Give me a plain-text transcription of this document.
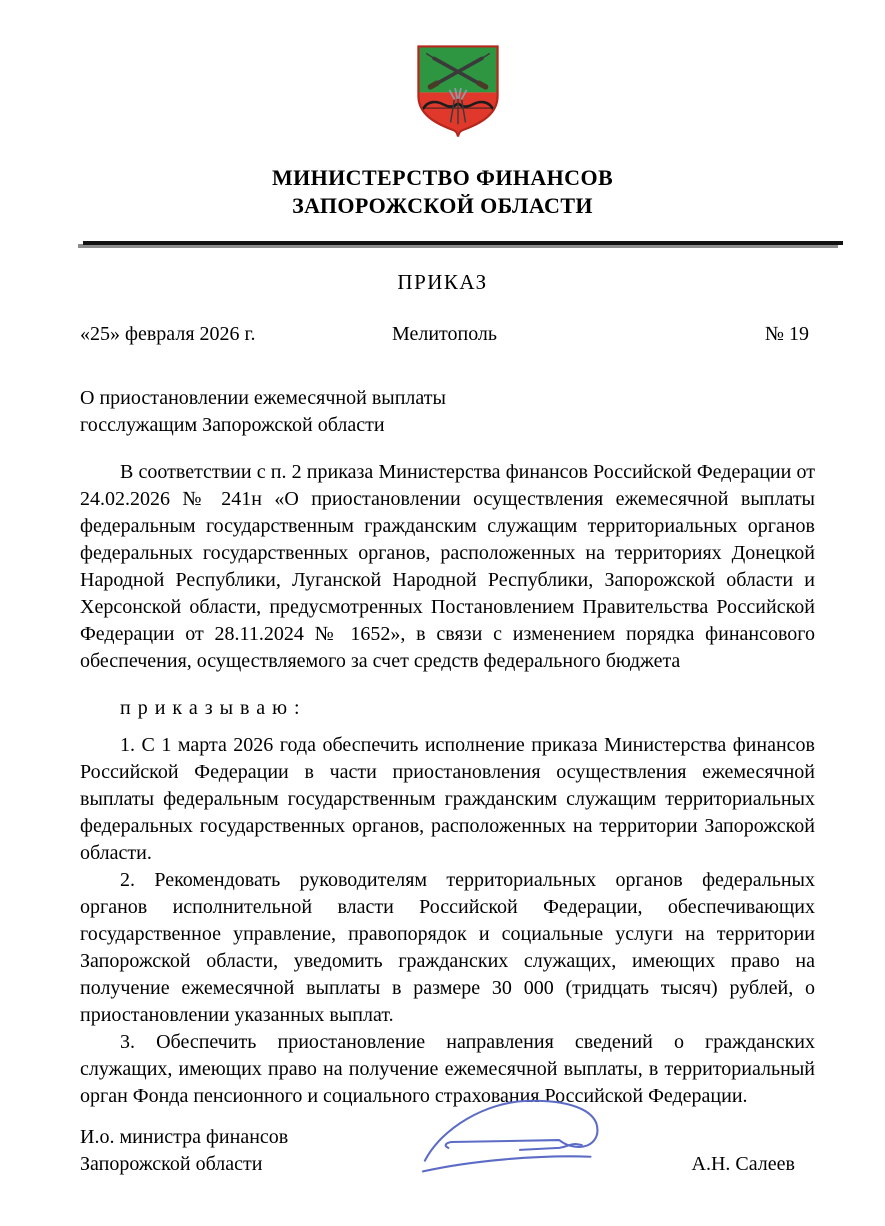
МИНИСТЕРСТВО ФИНАНСОВ
ЗАПОРОЖСКОЙ ОБЛАСТИ
ПРИКАЗ
«25» февраля 2026 г.	Мелитополь	№ 19
О приостановлении ежемесячной выплаты
госслужащим Запорожской области

В соответствии с п. 2 приказа Министерства финансов Российской Федерации от 24.02.2026 № 241н «О приостановлении осуществления ежемесячной выплаты федеральным государственным гражданским служащим территориальных органов федеральных государственных органов, расположенных на территориях Донецкой Народной Республики, Луганской Народной Республики, Запорожской области и Херсонской области, предусмотренных Постановлением Правительства Российской Федерации от 28.11.2024 № 1652», в связи с изменением порядка финансового обеспечения, осуществляемого за счет средств федерального бюджета

приказываю:

1. С 1 марта 2026 года обеспечить исполнение приказа Министерства финансов Российской Федерации в части приостановления осуществления ежемесячной выплаты федеральным государственным гражданским служащим территориальных федеральных государственных органов, расположенных на территории Запорожской области.

2. Рекомендовать руководителям территориальных органов федеральных органов исполнительной власти Российской Федерации, обеспечивающих государственное управление, правопорядок и социальные услуги на территории Запорожской области, уведомить гражданских служащих, имеющих право на получение ежемесячной выплаты в размере 30 000 (тридцать тысяч) рублей, о приостановлении указанных выплат.

3. Обеспечить приостановление направления сведений о гражданских служащих, имеющих право на получение ежемесячной выплаты, в территориальный орган Фонда пенсионного и социального страхования Российской Федерации.

И.о. министра финансов
Запорожской области	А.Н. Салеев
